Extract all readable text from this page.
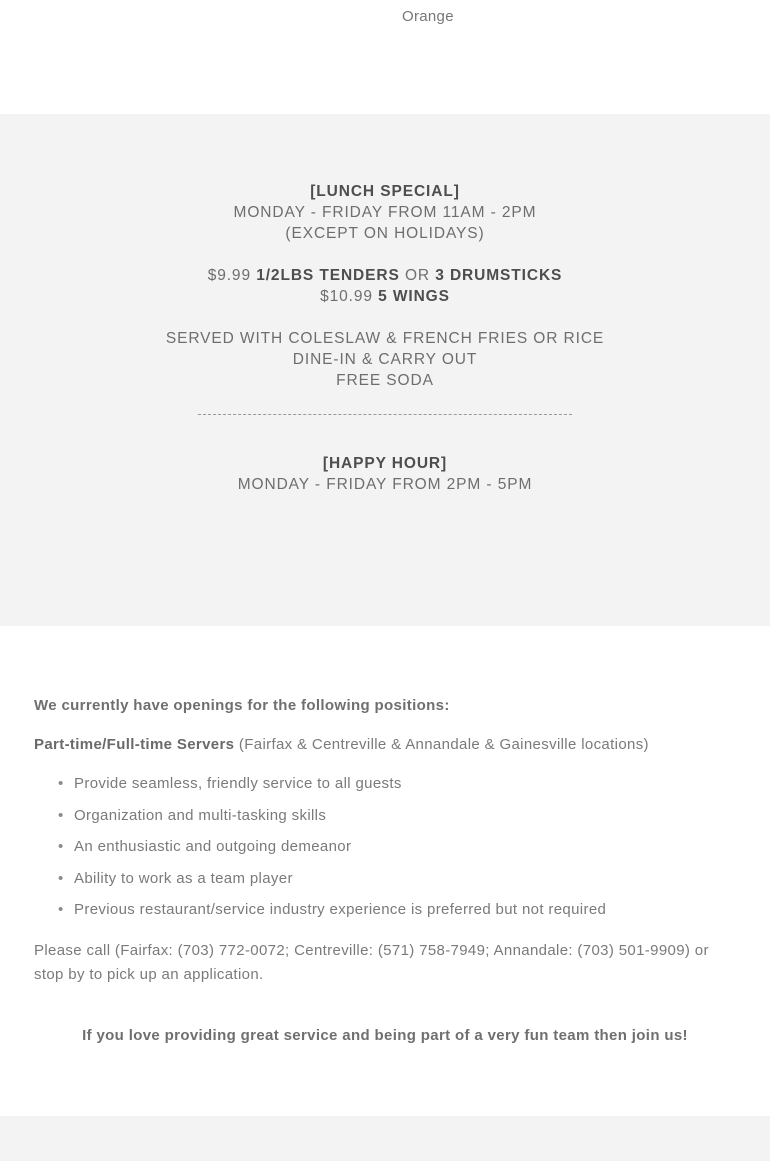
Orange
[LUNCH SPECIAL]
MONDAY - FRIDAY FROM 11AM - 2PM
(EXCEPT ON HOLIDAYS)
$9.99 1/2LBS TENDERS OR 3 DRUMSTICKS
$10.99 5 WINGS
SERVED WITH COLESLAW & FRENCH FRIES OR RICE
DINE-IN & CARRY OUT
FREE SODA
[HAPPY HOUR]
MONDAY - FRIDAY FROM 2PM - 5PM

We currently have openings for the following positions:

Part-time/Full-time Servers (Fairfax & Centreville & Annandale & Gainesville locations)

• Provide seamless, friendly service to all guests
• Organization and multi-tasking skills
• An enthusiastic and outgoing demeanor
• Ability to work as a team player
• Previous restaurant/service industry experience is preferred but not required

Please call (Fairfax: (703) 772-0072; Centreville: (571) 758-7949; Annandale: (703) 501-9909) or stop by to pick up an application.

If you love providing great service and being part of a very fun team then join us!
